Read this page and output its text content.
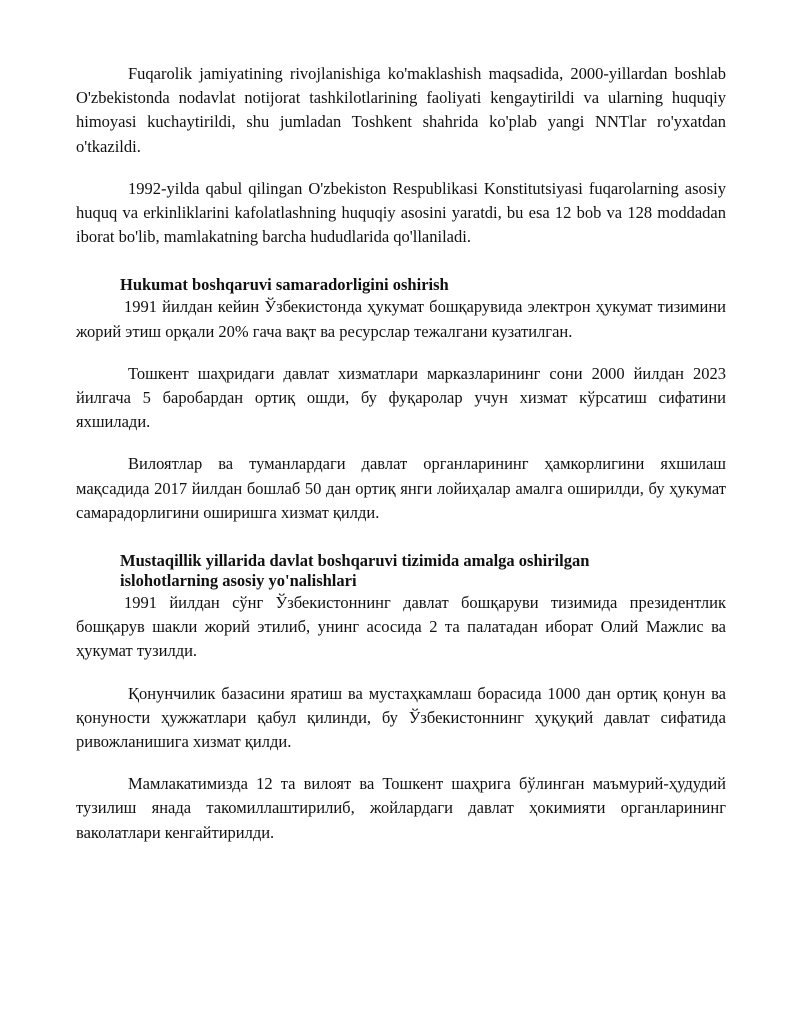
Fuqarolik jamiyatining rivojlanishiga ko'maklashish maqsadida, 2000-yillardan boshlab O'zbekistonda nodavlat notijorat tashkilotlarining faoliyati kengaytirildi va ularning huquqiy himoyasi kuchaytirildi, shu jumladan Toshkent shahrida ko'plab yangi NNTlar ro'yxatdan o'tkazildi.

1992-yilda qabul qilingan O'zbekiston Respublikasi Konstitutsiyasi fuqarolarning asosiy huquq va erkinliklarini kafolatlashning huquqiy asosini yaratdi, bu esa 12 bob va 128 moddadan iborat bo'lib, mamlakatning barcha hududlarida qo'llaniladi.

Hukumat boshqaruvi samaradorligini oshirish

1991 йилдан кейин Ўзбекистонда ҳукумат бошқарувида электрон ҳукумат тизимини жорий этиш орқали 20% гача вақт ва ресурслар тежалгани кузатилган.

Тошкент шаҳридаги давлат хизматлари марказларининг сони 2000 йилдан 2023 йилгача 5 баробардан ортиқ ошди, бу фуқаролар учун хизмат кўрсатиш сифатини яхшилади.

Вилоятлар ва туманлардаги давлат органларининг ҳамкорлигини яхшилаш мақсадида 2017 йилдан бошлаб 50 дан ортиқ янги лойиҳалар амалга оширилди, бу ҳукумат самарадорлигини оширишга хизмат қилди.

Mustaqillik yillarida davlat boshqaruvi tizimida amalga oshirilgan
islohotlarning asosiy yo'nalishlari

1991 йилдан сўнг Ўзбекистоннинг давлат бошқаруви тизимида президентлик бошқарув шакли жорий этилиб, унинг асосида 2 та палатадан иборат Олий Мажлис ва ҳукумат тузилди.

Қонунчилик базасини яратиш ва мустаҳкамлаш борасида 1000 дан ортиқ қонун ва қонуности ҳужжатлари қабул қилинди, бу Ўзбекистоннинг ҳуқуқий давлат сифатида ривожланишига хизмат қилди.

Мамлакатимизда 12 та вилоят ва Тошкент шаҳрига бўлинган маъмурий-ҳудудий тузилиш янада такомиллаштирилиб, жойлардаги давлат ҳокимияти органларининг ваколатлари кенгайтирилди.
